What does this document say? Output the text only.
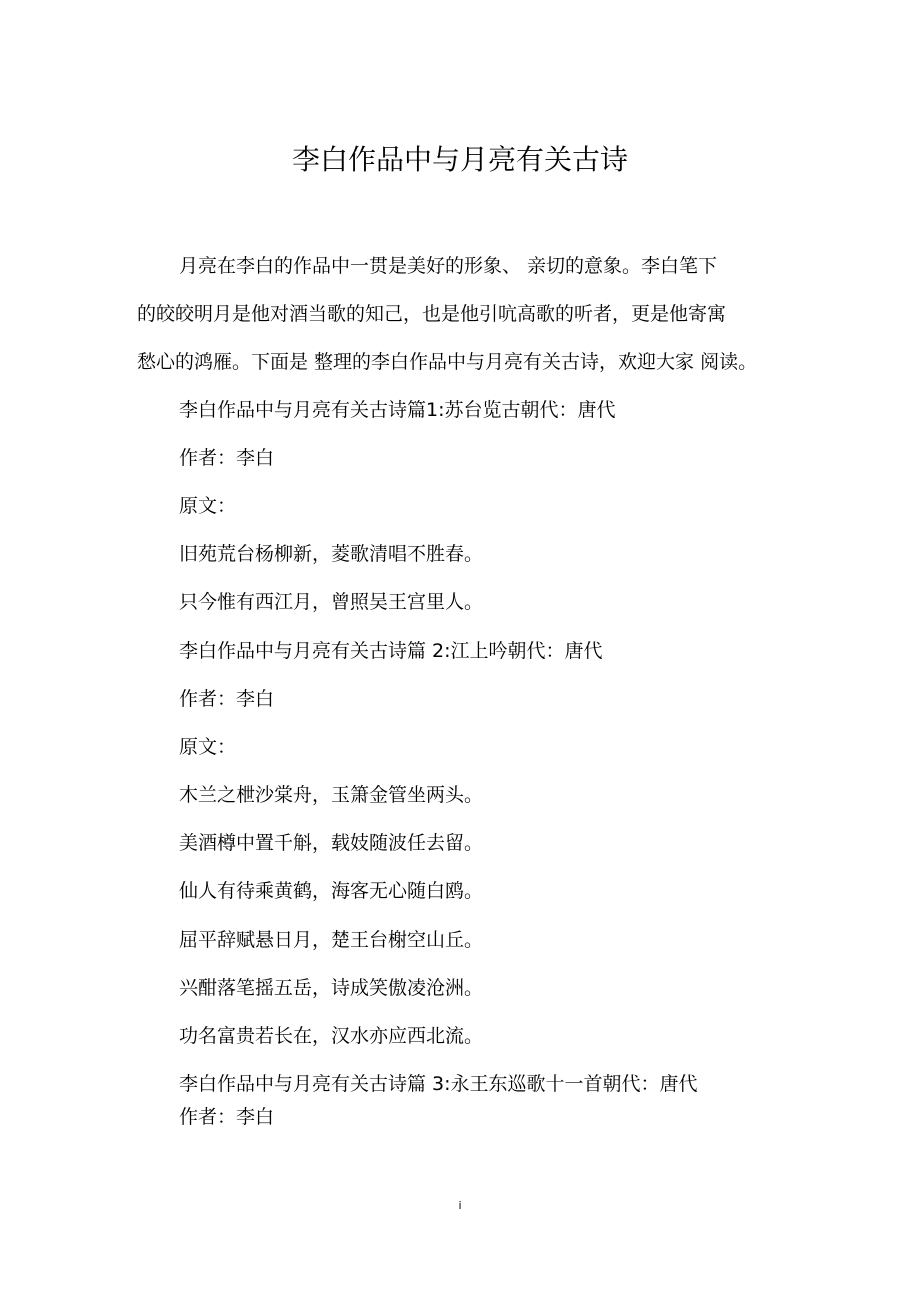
李白作品中与月亮有关古诗
月亮在李白的作品中一贯是美好的形象、 亲切的意象。李白笔下
的皎皎明月是他对酒当歌的知己，也是他引吭高歌的听者，更是他寄寓
愁心的鸿雁。下面是 整理的李白作品中与月亮有关古诗，欢迎大家 阅读。
李白作品中与月亮有关古诗篇1:苏台览古朝代：唐代
作者：李白
原文：
旧苑荒台杨柳新，菱歌清唱不胜春。
只今惟有西江月，曾照吴王宫里人。
李白作品中与月亮有关古诗篇 2:江上吟朝代：唐代
作者：李白
原文：
木兰之枻沙棠舟，玉箫金管坐两头。
美酒樽中置千斛，载妓随波任去留。
仙人有待乘黄鹤，海客无心随白鸥。
屈平辞赋悬日月，楚王台榭空山丘。
兴酣落笔摇五岳，诗成笑傲凌沧洲。
功名富贵若长在，汉水亦应西北流。
李白作品中与月亮有关古诗篇 3:永王东巡歌十一首朝代：唐代
作者：李白
i
